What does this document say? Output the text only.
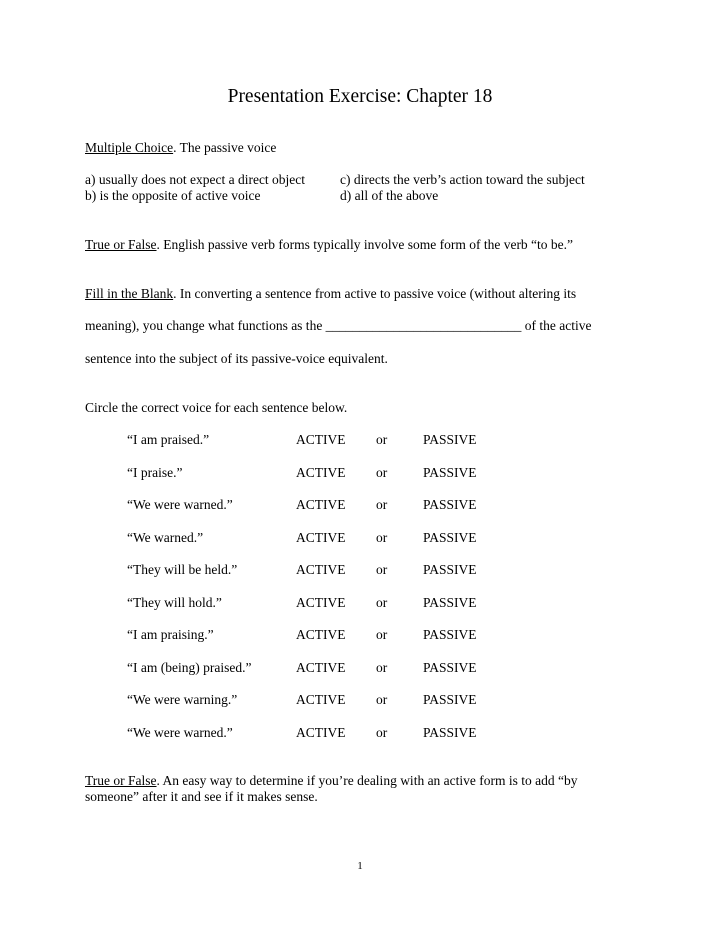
Presentation Exercise: Chapter 18
Multiple Choice. The passive voice
a) usually does not expect a direct object
b) is the opposite of active voice
c) directs the verb’s action toward the subject
d) all of the above
True or False. English passive verb forms typically involve some form of the verb “to be.”
Fill in the Blank. In converting a sentence from active to passive voice (without altering its
meaning), you change what functions as the _____________________________ of the active
sentence into the subject of its passive-voice equivalent.
Circle the correct voice for each sentence below.
“I am praised.”	ACTIVE or	PASSIVE
“I praise.”	ACTIVE or	PASSIVE
“We were warned.”	ACTIVE or	PASSIVE
“We warned.”	ACTIVE or	PASSIVE
“They will be held.”	ACTIVE or	PASSIVE
“They will hold.”	ACTIVE or	PASSIVE
“I am praising.”	ACTIVE or	PASSIVE
“I am (being) praised.”	ACTIVE or	PASSIVE
“We were warning.”	ACTIVE or	PASSIVE
“We were warned.”	ACTIVE or	PASSIVE
True or False. An easy way to determine if you’re dealing with an active form is to add “by
someone” after it and see if it makes sense.
1
